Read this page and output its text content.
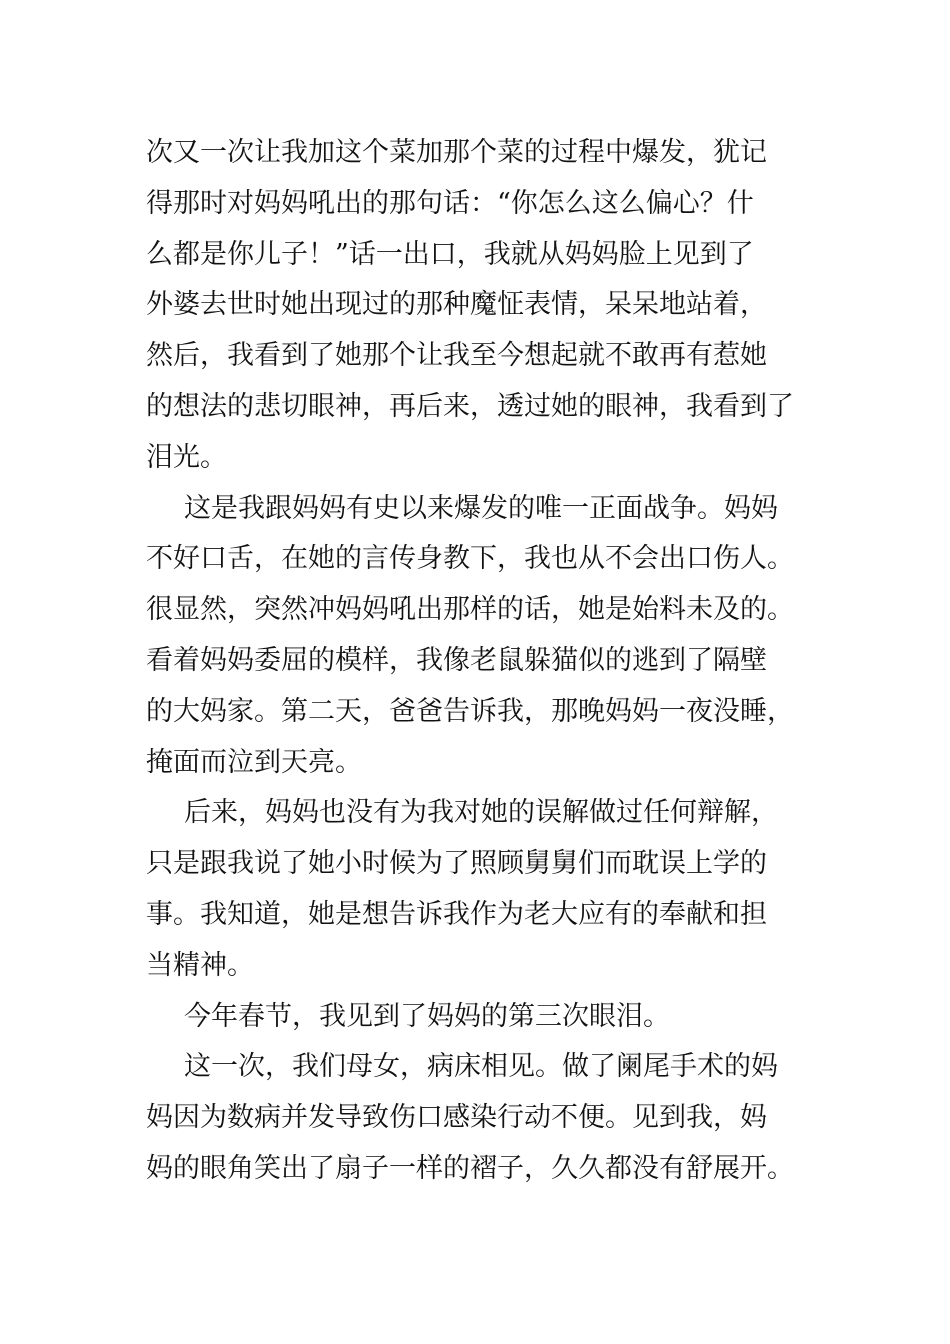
次又一次让我加这个菜加那个菜的过程中爆发，犹记
得那时对妈妈吼出的那句话：“你怎么这么偏心？什
么都是你儿子！”话一出口，我就从妈妈脸上见到了
外婆去世时她出现过的那种魔怔表情，呆呆地站着，
然后，我看到了她那个让我至今想起就不敢再有惹她
的想法的悲切眼神，再后来，透过她的眼神，我看到了
泪光。
这是我跟妈妈有史以来爆发的唯一正面战争。妈妈
不好口舌，在她的言传身教下，我也从不会出口伤人。
很显然，突然冲妈妈吼出那样的话，她是始料未及的。
看着妈妈委屈的模样，我像老鼠躲猫似的逃到了隔壁
的大妈家。第二天，爸爸告诉我，那晚妈妈一夜没睡，
掩面而泣到天亮。
后来，妈妈也没有为我对她的误解做过任何辩解，
只是跟我说了她小时候为了照顾舅舅们而耽误上学的
事。我知道，她是想告诉我作为老大应有的奉献和担
当精神。
今年春节，我见到了妈妈的第三次眼泪。
这一次，我们母女，病床相见。做了阑尾手术的妈
妈因为数病并发导致伤口感染行动不便。见到我，妈
妈的眼角笑出了扇子一样的褶子，久久都没有舒展开。
